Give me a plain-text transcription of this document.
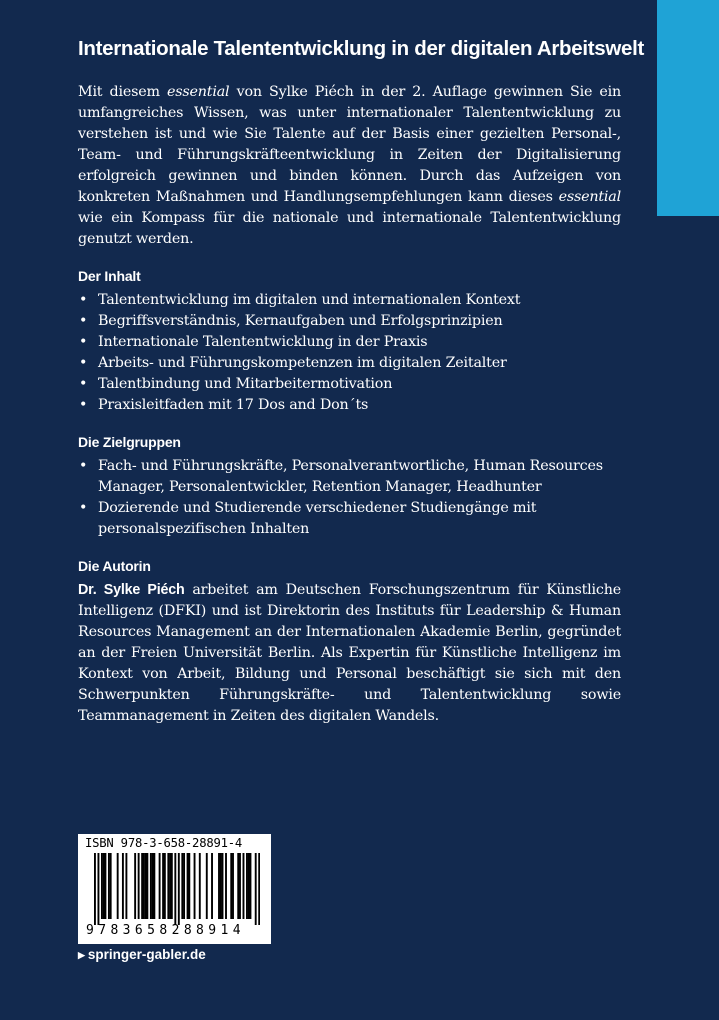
Internationale Talententwicklung in der digitalen Arbeitswelt

Mit diesem essential von Sylke Piéch in der 2. Auflage gewinnen Sie ein umfangreiches Wissen, was unter internationaler Talententwicklung zu verstehen ist und wie Sie Talente auf der Basis einer gezielten Personal-, Team- und Führungskräfteentwicklung in Zeiten der Digitalisierung erfolgreich gewinnen und binden können. Durch das Aufzeigen von konkreten Maßnahmen und Handlungsempfehlungen kann dieses essential wie ein Kompass für die nationale und internationale Talententwicklung genutzt werden.

Der Inhalt
• Talententwicklung im digitalen und internationalen Kontext
• Begriffsverständnis, Kernaufgaben und Erfolgsprinzipien
• Internationale Talententwicklung in der Praxis
• Arbeits- und Führungskompetenzen im digitalen Zeitalter
• Talentbindung und Mitarbeitermotivation
• Praxisleitfaden mit 17 Dos and Don´ts
Die Zielgruppen
• Fach- und Führungskräfte, Personalverantwortliche, Human Resources Manager, Personalentwickler, Retention Manager, Headhunter
• Dozierende und Studierende verschiedener Studiengänge mit personalspezifischen Inhalten
Die Autorin

Dr. Sylke Piéch arbeitet am Deutschen Forschungszentrum für Künstliche Intelligenz (DFKI) und ist Direktorin des Instituts für Leadership & Human Resources Management an der Internationalen Akademie Berlin, gegründet an der Freien Universität Berlin. Als Expertin für Künstliche Intelligenz im Kontext von Arbeit, Bildung und Personal beschäftigt sie sich mit den Schwerpunkten Führungskräfte- und Talententwicklung sowie Teammanagement in Zeiten des digitalen Wandels.

ISBN 978-3-658-28891-4
9783658288914
▶ springer-gabler.de
